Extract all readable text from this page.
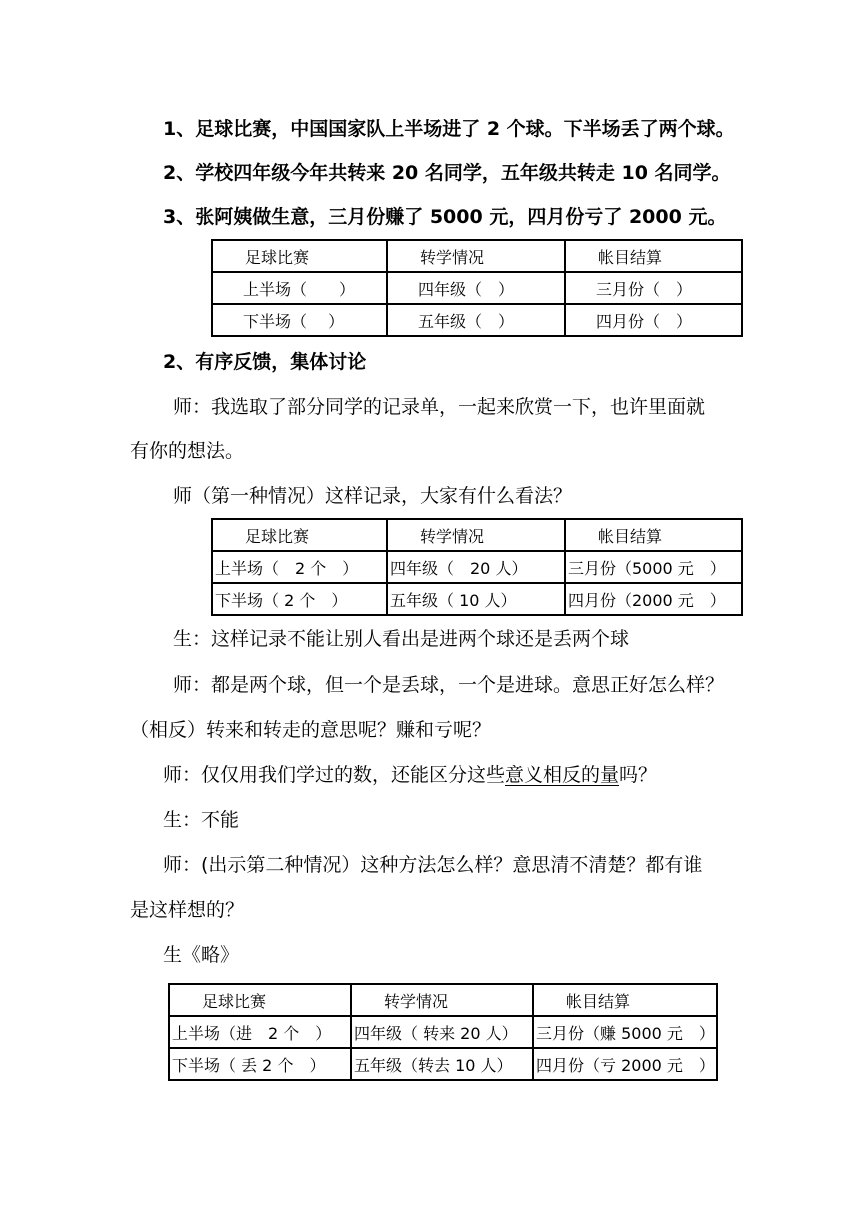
1、足球比赛，中国国家队上半场进了 2 个球。下半场丢了两个球。
2、学校四年级今年共转来 20 名同学，五年级共转走 10 名同学。
3、张阿姨做生意，三月份赚了 5000 元，四月份亏了 2000 元。
足球比赛	转学情况	帐目结算
上半场（　　）	四年级（　）	三月份（　）
下半场（　 ）	五年级（　）	四月份（　）
2、有序反馈，集体讨论
师：我选取了部分同学的记录单，一起来欣赏一下，也许里面就
有你的想法。
师（第一种情况）这样记录，大家有什么看法？
足球比赛	转学情况	帐目结算
上半场（　2 个　）	四年级（　20 人）	三月份（5000 元　）
下半场（ 2 个　）	五年级（ 10 人）	四月份（2000 元　）
生：这样记录不能让别人看出是进两个球还是丢两个球
师：都是两个球，但一个是丢球，一个是进球。意思正好怎么样？
（相反）转来和转走的意思呢？赚和亏呢？
师：仅仅用我们学过的数，还能区分这些意义相反的量吗？
生：不能
师：(出示第二种情况）这种方法怎么样？意思清不清楚？都有谁
是这样想的？
生《略》
足球比赛	转学情况	帐目结算
上半场（进　2 个　）	四年级（ 转来 20 人）	三月份（赚 5000 元　）
下半场（ 丢 2 个　）	五年级（转去 10 人）	四月份（亏 2000 元　）
